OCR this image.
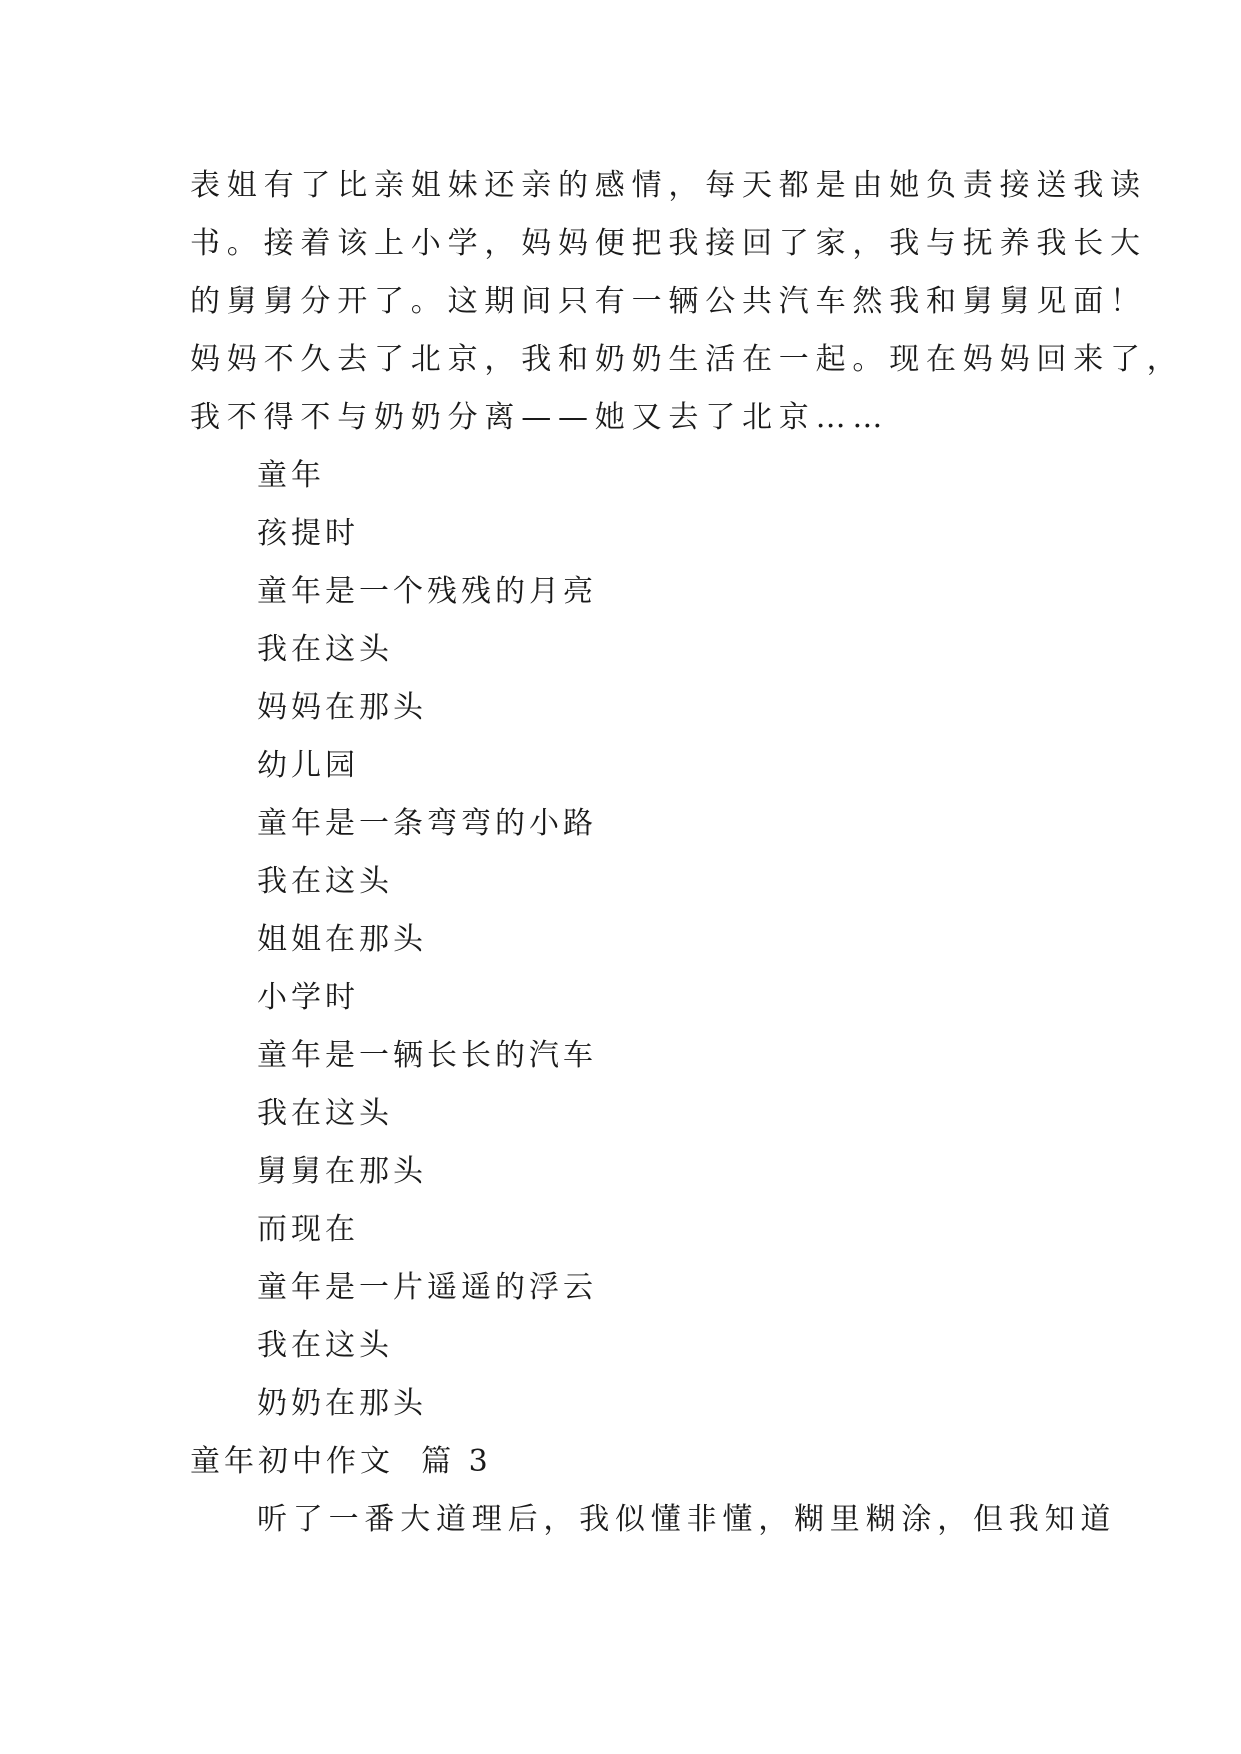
表姐有了比亲姐妹还亲的感情，每天都是由她负责接送我读
书。接着该上小学，妈妈便把我接回了家，我与抚养我长大
的舅舅分开了。这期间只有一辆公共汽车然我和舅舅见面！
妈妈不久去了北京，我和奶奶生活在一起。现在妈妈回来了，
我不得不与奶奶分离——她又去了北京……
童年
孩提时
童年是一个残残的月亮
我在这头
妈妈在那头
幼儿园
童年是一条弯弯的小路
我在这头
姐姐在那头
小学时
童年是一辆长长的汽车
我在这头
舅舅在那头
而现在
童年是一片遥遥的浮云
我在这头
奶奶在那头
童年初中作文  篇 3
听了一番大道理后，我似懂非懂，糊里糊涂，但我知道
